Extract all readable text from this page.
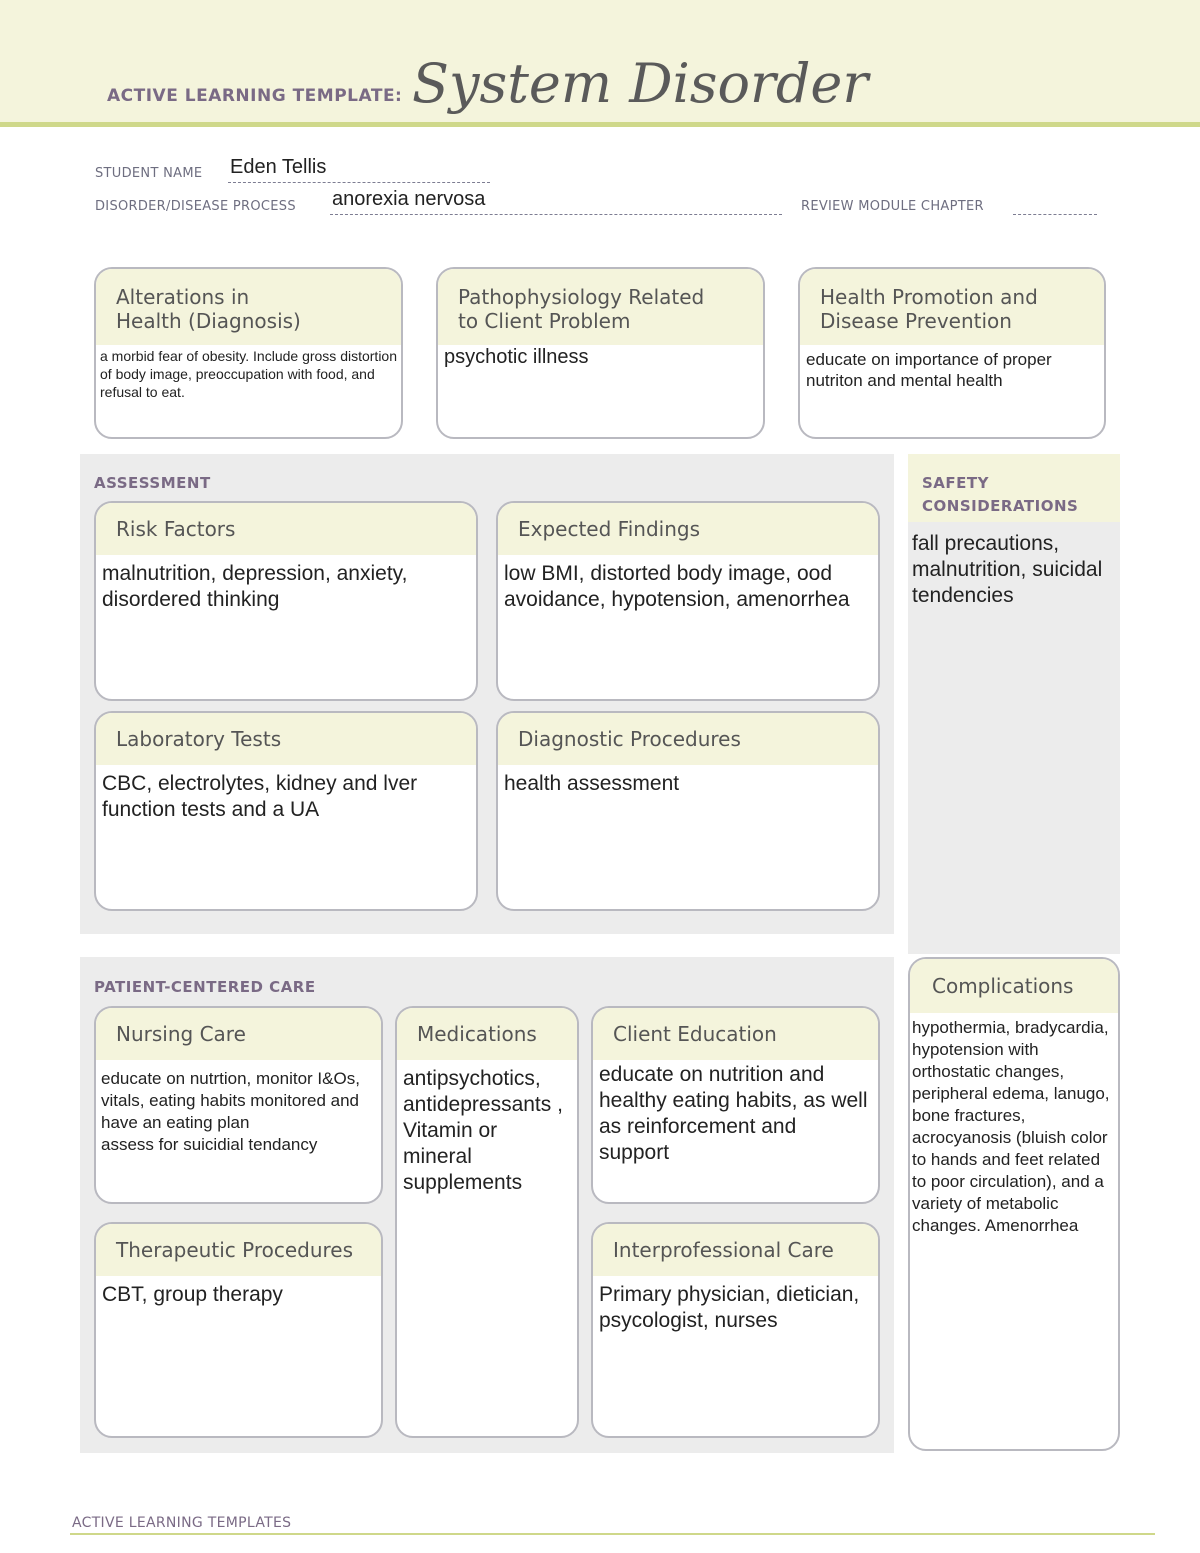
ACTIVE LEARNING TEMPLATE: System Disorder
STUDENT NAME Eden Tellis
DISORDER/DISEASE PROCESS anorexia nervosa	REVIEW MODULE CHAPTER
Alterations in
Health (Diagnosis)
a morbid fear of obesity. Include gross distortion of body image, preoccupation with food, and refusal to eat.
Pathophysiology Related
to Client Problem
psychotic illness
Health Promotion and
Disease Prevention
educate on importance of proper nutriton and mental health
ASSESSMENT
Risk Factors
malnutrition, depression, anxiety, disordered thinking
Expected Findings
low BMI, distorted body image, ood avoidance, hypotension, amenorrhea
Laboratory Tests
CBC, electrolytes, kidney and lver function tests and a UA
Diagnostic Procedures
health assessment
SAFETY
CONSIDERATIONS
fall precautions, malnutrition, suicidal tendencies
PATIENT-CENTERED CARE
Nursing Care
educate on nutrtion, monitor I&Os, vitals, eating habits monitored and have an eating plan
assess for suicidial tendancy
Medications
antipsychotics, antidepressants , Vitamin or mineral supplements
Client Education
educate on nutrition and healthy eating habits, as well as reinforcement and support
Therapeutic Procedures
CBT, group therapy
Interprofessional Care
Primary physician, dietician, psycologist, nurses
Complications
hypothermia, bradycardia, hypotension with orthostatic changes, peripheral edema, lanugo, bone fractures, acrocyanosis (bluish color to hands and feet related to poor circulation), and a variety of metabolic changes. Amenorrhea
ACTIVE LEARNING TEMPLATES
